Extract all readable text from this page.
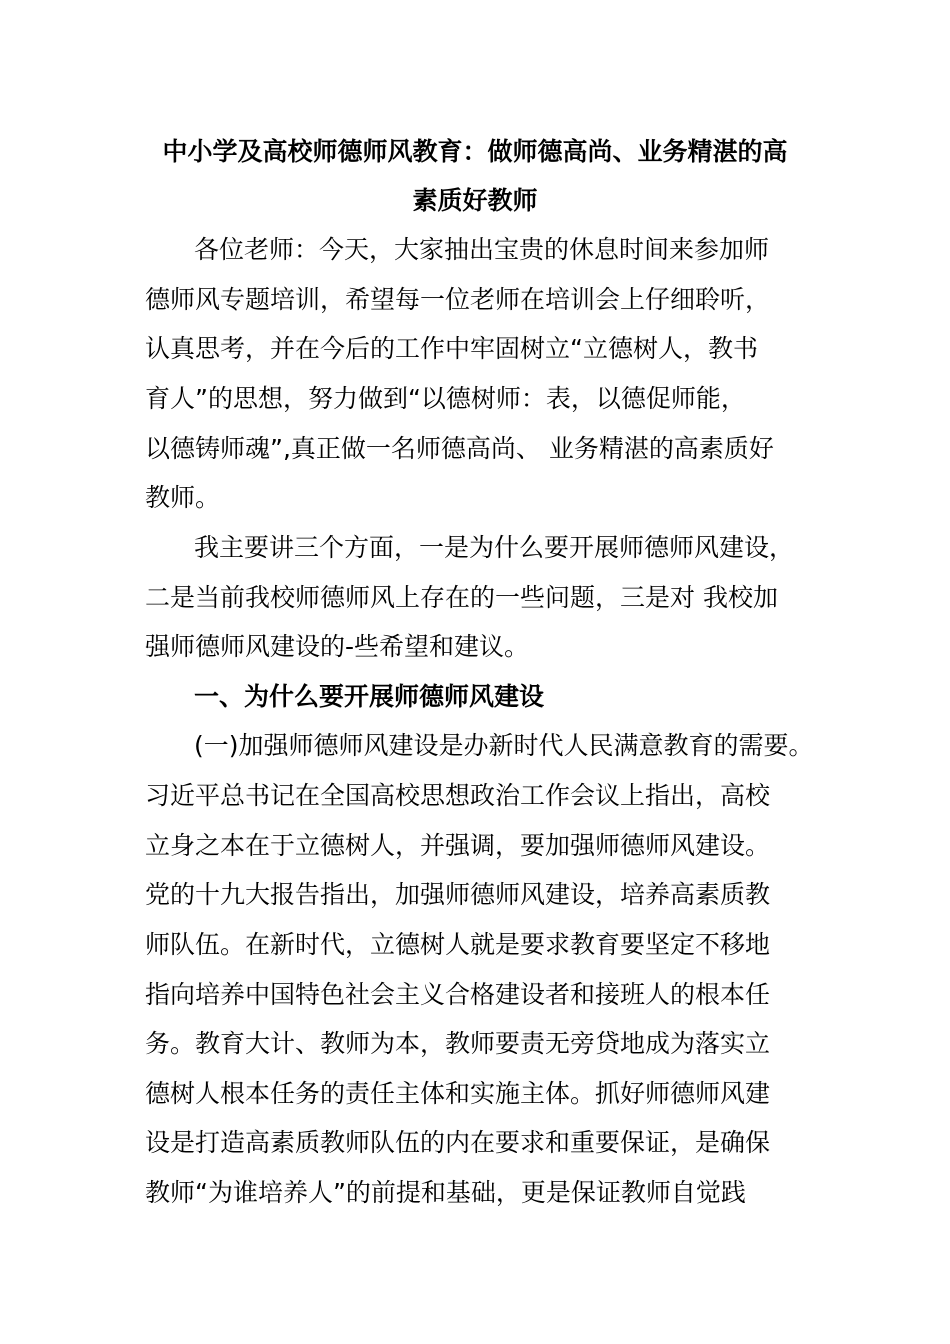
中小学及高校师德师风教育：做师德高尚、业务精湛的高
素质好教师
各位老师：今天，大家抽出宝贵的休息时间来参加师
德师风专题培训，希望每一位老师在培训会上仔细聆听，
认真思考，并在今后的工作中牢固树立“立德树人，教书
育人”的思想，努力做到“以德树师：表，以德促师能，
以德铸师魂”,真正做一名师德高尚、 业务精湛的高素质好
教师。
我主要讲三个方面，一是为什么要开展师德师风建设，
二是当前我校师德师风上存在的一些问题，三是对 我校加
强师德师风建设的-些希望和建议。
一、为什么要开展师德师风建设
(一)加强师德师风建设是办新时代人民满意教育的需要。
习近平总书记在全国高校思想政治工作会议上指出，高校
立身之本在于立德树人，并强调，要加强师德师风建设。
党的十九大报告指出，加强师德师风建设，培养高素质教
师队伍。在新时代，立德树人就是要求教育要坚定不移地
指向培养中国特色社会主义合格建设者和接班人的根本任
务。教育大计、教师为本，教师要责无旁贷地成为落实立
德树人根本任务的责任主体和实施主体。抓好师德师风建
设是打造高素质教师队伍的内在要求和重要保证，是确保
教师“为谁培养人”的前提和基础，更是保证教师自觉践
